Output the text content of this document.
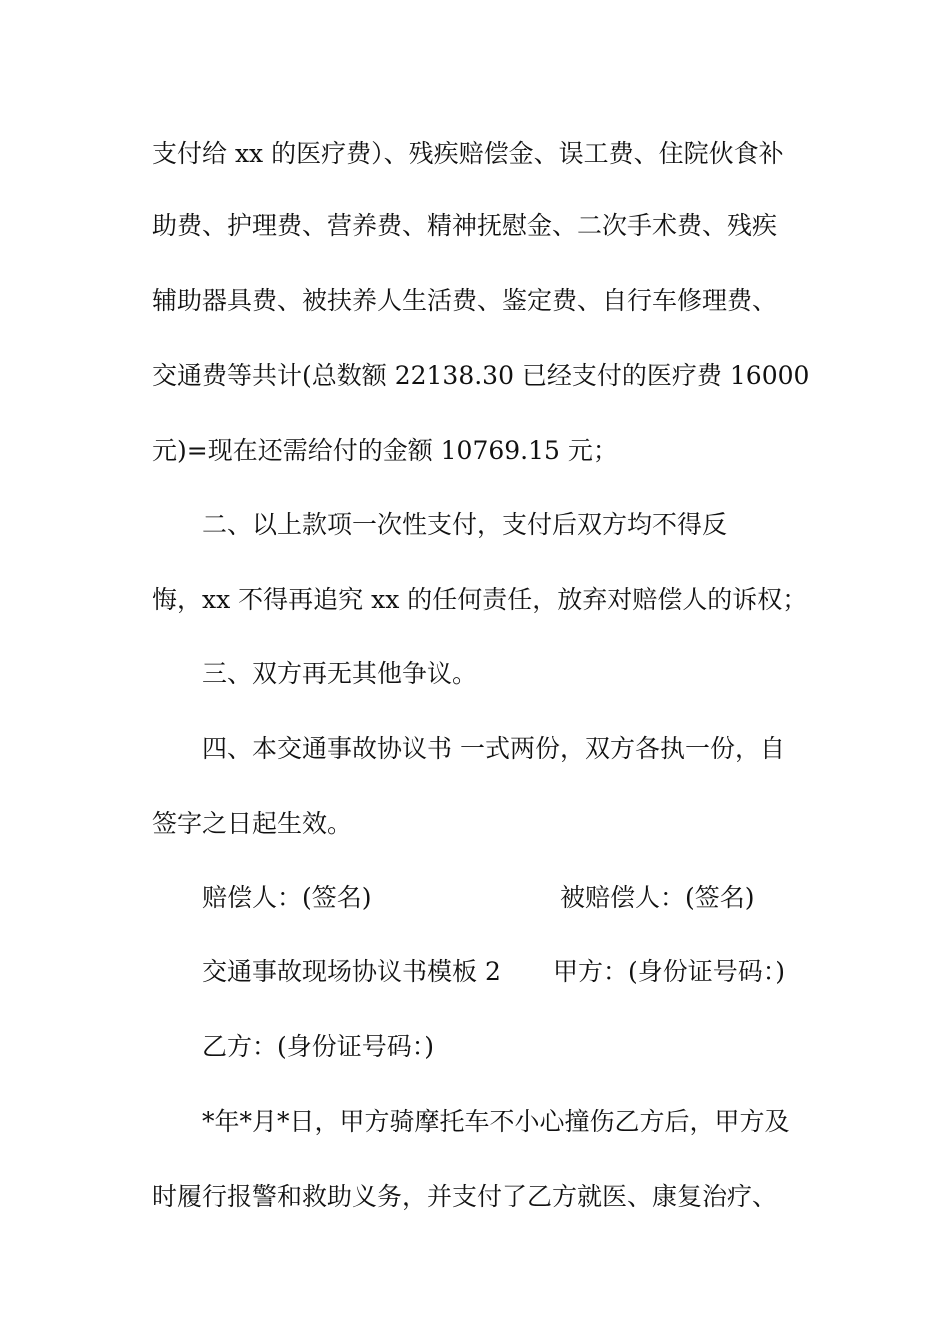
支付给 xx 的医疗费）、残疾赔偿金、误工费、住院伙食补

助费、护理费、营养费、精神抚慰金、二次手术费、残疾

辅助器具费、被扶养人生活费、鉴定费、自行车修理费、

交通费等共计(总数额 22138.30 已经支付的医疗费 16000

元)=现在还需给付的金额 10769.15 元；

二、以上款项一次性支付，支付后双方均不得反

悔，xx 不得再追究 xx 的任何责任，放弃对赔偿人的诉权；

三、双方再无其他争议。

四、本交通事故协议书 一式两份，双方各执一份，自

签字之日起生效。

赔偿人：(签名)	被赔偿人：(签名)

交通事故现场协议书模板 2 甲方：(身份证号码：)

乙方：(身份证号码：)

*年*月*日，甲方骑摩托车不小心撞伤乙方后，甲方及

时履行报警和救助义务，并支付了乙方就医、康复治疗、
